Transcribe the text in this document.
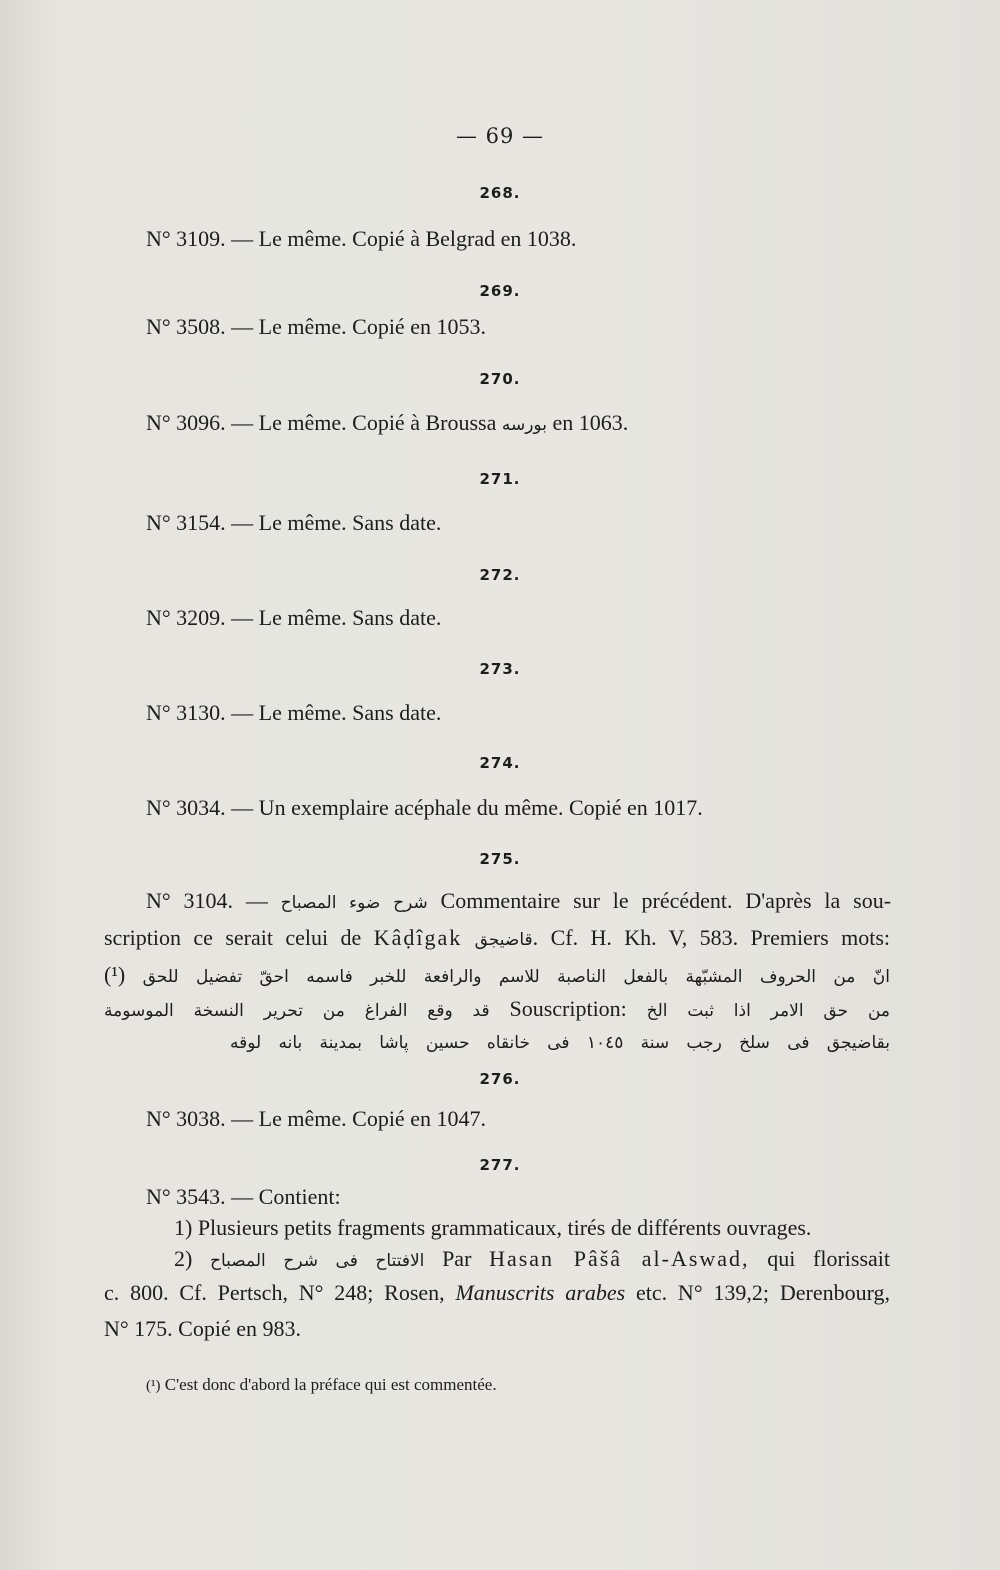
— 69 —
268.
N° 3109. — Le même. Copié à Belgrad en 1038.
269.
N° 3508. — Le même. Copié en 1053.
270.
N° 3096. — Le même. Copié à Broussa بورسه en 1063.
271.
N° 3154. — Le même. Sans date.
272.
N° 3209. — Le même. Sans date.
273.
N° 3130. — Le même. Sans date.
274.
N° 3034. — Un exemplaire acéphale du même. Copié en 1017.
275.
N° 3104. — شرح ضوء المصباح Commentaire sur le précédent. D'après la sou-
scription ce serait celui de Kâḍîgak قاضيجق. Cf. H. Kh. V, 583. Premiers mots:
انّ من الحروف المشبّهة بالفعل الناصبة للاسم والرافعة للخبر فاسمه احقّ تفضيل للحق (¹)
من حق الامر اذا ثبت الخ Souscription: قد وقع الفراغ من تحرير النسخة الموسومة
بقاضيجق فى سلخ رجب سنة ١٠٤٥ فى خانقاه حسين پاشا بمدينة بانه لوقه
276.
N° 3038. — Le même. Copié en 1047.
277.
N° 3543. — Contient:
1) Plusieurs petits fragments grammaticaux, tirés de différents ouvrages.
2) الافتتاح فى شرح المصباح Par Hasan Pâšâ al-Aswad, qui florissait
c. 800. Cf. Pertsch, N° 248; Rosen, Manuscrits arabes etc. N° 139,2; Derenbourg,
N° 175. Copié en 983.
(¹) C'est donc d'abord la préface qui est commentée.
